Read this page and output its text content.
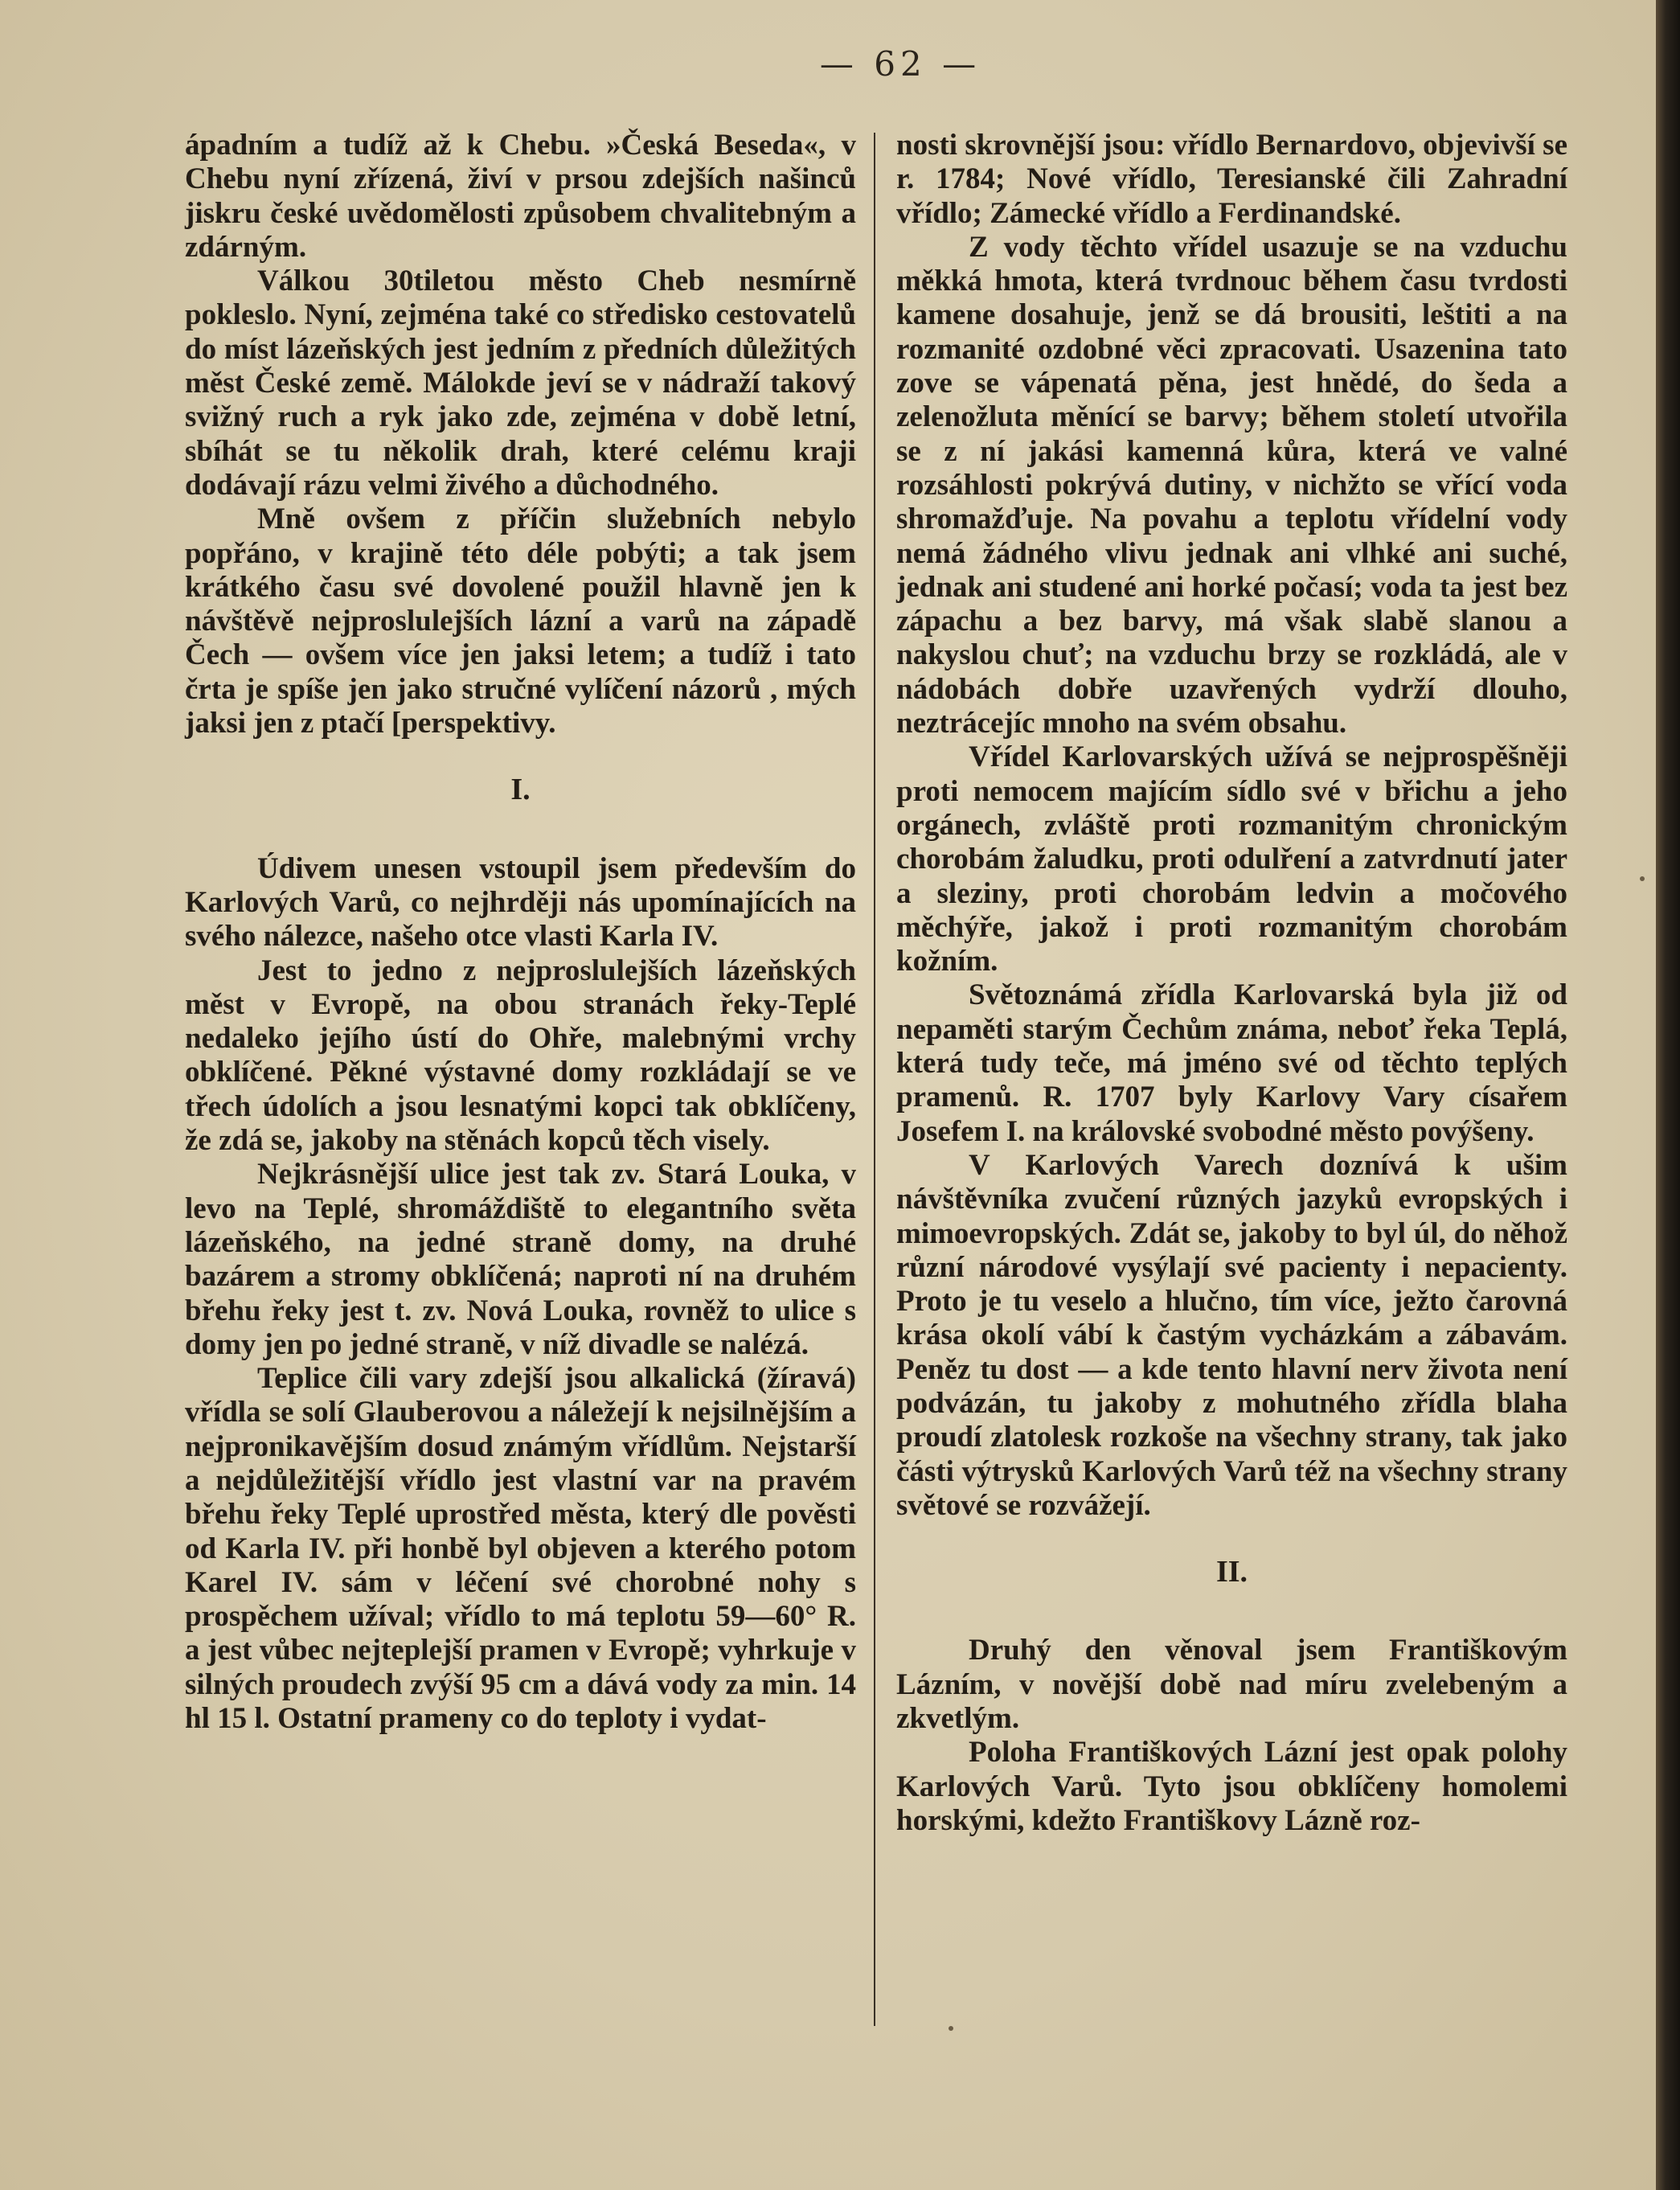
— 62 —

ápadním a tudíž až k Chebu. »Česká Beseda«, v Chebu nyní zřízená, živí v prsou zdejších našinců jiskru české uvědomělosti způsobem chvalitebným a zdárným.

Válkou 30tiletou město Cheb nesmírně pokleslo. Nyní, zejména také co středisko cestovatelů do míst lázeňských jest jedním z předních důležitých měst České země. Málokde jeví se v nádraží takový svižný ruch a ryk jako zde, zejména v době letní, sbíhát se tu několik drah, které celému kraji dodávají rázu velmi živého a důchodného.

Mně ovšem z příčin služebních nebylo popřáno, v krajině této déle pobýti; a tak jsem krátkého času své dovolené použil hlavně jen k návštěvě nejproslulejších lázní a varů na západě Čech — ovšem více jen jaksi letem; a tudíž i tato črta je spíše jen jako stručné vylíčení názorů , mých jaksi jen z ptačí [perspektivy.

I.

Údivem unesen vstoupil jsem především do Karlových Varů, co nejhrději nás upomínajících na svého nálezce, našeho otce vlasti Karla IV.

Jest to jedno z nejproslulejších lázeňských měst v Evropě, na obou stranách řeky-Teplé nedaleko jejího ústí do Ohře, malebnými vrchy obklíčené. Pěkné výstavné domy rozkládají se ve třech údolích a jsou lesnatými kopci tak obklíčeny, že zdá se, jakoby na stěnách kopců těch visely.

Nejkrásnější ulice jest tak zv. Stará Louka, v levo na Teplé, shromáždiště to elegantního světa lázeňského, na jedné straně domy, na druhé bazárem a stromy obklíčená; naproti ní na druhém břehu řeky jest t. zv. Nová Louka, rovněž to ulice s domy jen po jedné straně, v níž divadle se nalézá.

Teplice čili vary zdejší jsou alkalická (žíravá) vřídla se solí Glauberovou a náležejí k nejsilnějším a nejpronikavějším dosud známým vřídlům. Nejstarší a nejdůležitější vřídlo jest vlastní var na pravém břehu řeky Teplé uprostřed města, který dle pověsti od Karla IV. při honbě byl objeven a kterého potom Karel IV. sám v léčení své chorobné nohy s prospěchem užíval; vřídlo to má teplotu 59—60° R. a jest vůbec nejteplejší pramen v Evropě; vyhrkuje v silných proudech zvýší 95 cm a dává vody za min. 14 hl 15 l. Ostatní prameny co do teploty i vydat-

nosti skrovnější jsou: vřídlo Bernardovo, objevivší se r. 1784; Nové vřídlo, Teresianské čili Zahradní vřídlo; Zámecké vřídlo a Ferdinandské.

Z vody těchto vřídel usazuje se na vzduchu měkká hmota, která tvrdnouc během času tvrdosti kamene dosahuje, jenž se dá brousiti, leštiti a na rozmanité ozdobné věci zpracovati. Usazenina tato zove se vápenatá pěna, jest hnědé, do šeda a zelenožluta měnící se barvy; během století utvořila se z ní jakási kamenná kůra, která ve valné rozsáhlosti pokrývá dutiny, v nichžto se vřící voda shromažďuje. Na povahu a teplotu vřídelní vody nemá žádného vlivu jednak ani vlhké ani suché, jednak ani studené ani horké počasí; voda ta jest bez zápachu a bez barvy, má však slabě slanou a nakyslou chuť; na vzduchu brzy se rozkládá, ale v nádobách dobře uzavřených vydrží dlouho, neztrácejíc mnoho na svém obsahu.

Vřídel Karlovarských užívá se nejprospěšněji proti nemocem majícím sídlo své v břichu a jeho orgánech, zvláště proti rozmanitým chronickým chorobám žaludku, proti odulření a zatvrdnutí jater a sleziny, proti chorobám ledvin a močového měchýře, jakož i proti rozmanitým chorobám kožním.

Světoznámá zřídla Karlovarská byla již od nepaměti starým Čechům známa, neboť řeka Teplá, která tudy teče, má jméno své od těchto teplých pramenů. R. 1707 byly Karlovy Vary císařem Josefem I. na královské svobodné město povýšeny.

V Karlových Varech doznívá k ušim návštěvníka zvučení různých jazyků evropských i mimoevropských. Zdát se, jakoby to byl úl, do něhož různí národové vysýlají své pacienty i nepacienty. Proto je tu veselo a hlučno, tím více, ježto čarovná krása okolí vábí k častým vycházkám a zábavám. Peněz tu dost — a kde tento hlavní nerv života není podvázán, tu jakoby z mohutného zřídla blaha proudí zlatolesk rozkoše na všechny strany, tak jako části výtrysků Karlových Varů též na všechny strany světové se rozvážejí.

II.

Druhý den věnoval jsem Františkovým Lázním, v novější době nad míru zvelebeným a zkvetlým.

Poloha Františkových Lázní jest opak polohy Karlových Varů. Tyto jsou obklíčeny homolemi horskými, kdežto Františkovy Lázně roz-
